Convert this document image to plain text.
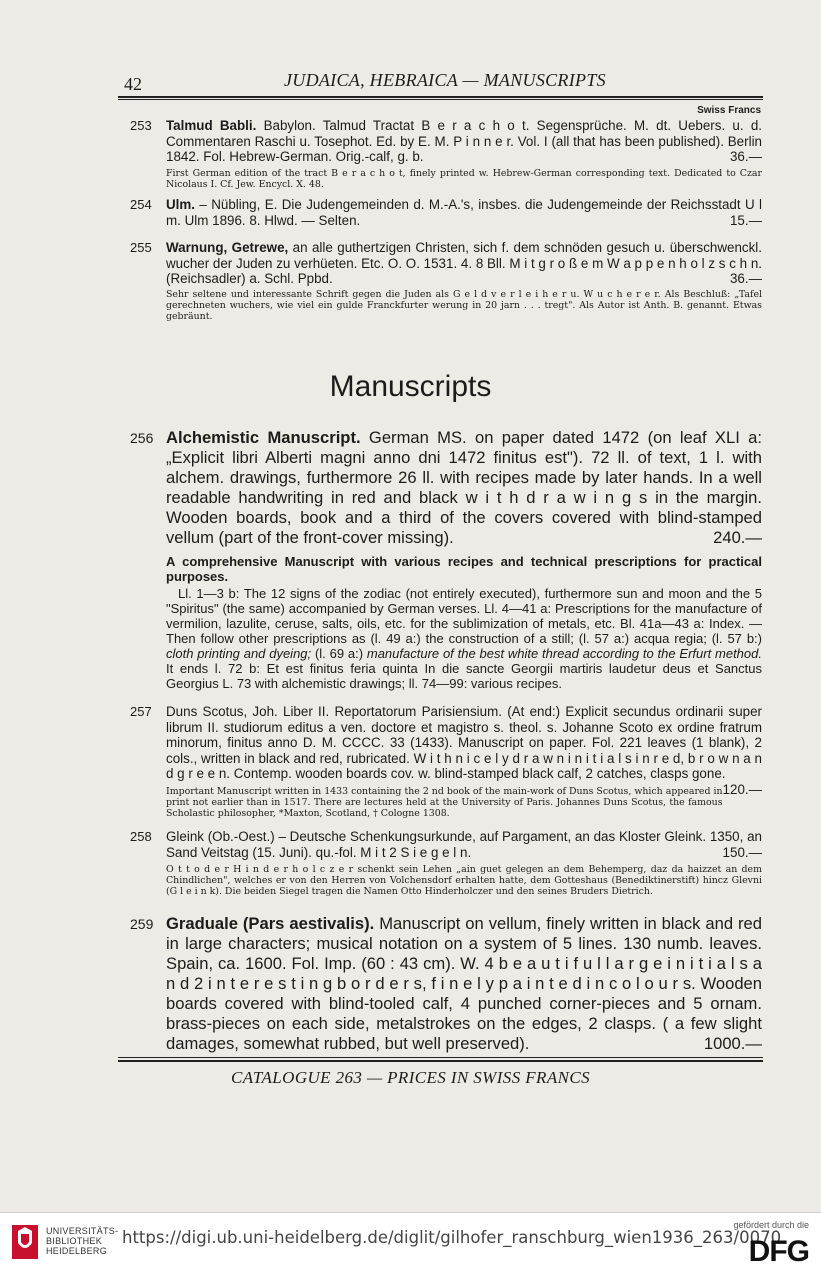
42	JUDAICA, HEBRAICA — MANUSCRIPTS
Swiss Francs
253 Talmud Babli. Babylon. Talmud Tractat B e r a c h o t. Segensprüche. M. dt. Uebers. u. d. Commentaren Raschi u. Tosephot. Ed. by E. M. P i n n e r. Vol. I (all that has been published). Berlin 1842. Fol. Hebrew-German. Orig.-calf, g. b.	36.—
First German edition of the tract B e r a c h o t, finely printed w. Hebrew-German corresponding text. Dedicated to Czar Nicolaus I. Cf. Jew. Encycl. X. 48.
254 Ulm. – Nübling, E. Die Judengemeinden d. M.-A.'s, insbes. die Judengemeinde der Reichsstadt U l m. Ulm 1896. 8. Hlwd. — Selten.	15.—
255 Warnung, Getrewe, an alle guthertzigen Christen, sich f. dem schnöden gesuch u. überschwenckl. wucher der Juden zu verhüeten. Etc. O. O. 1531. 4. 8 Bll. M i t g r o ß e m W a p p e n h o l z s c h n. (Reichsadler) a. Schl. Ppbd.	36.—
Sehr seltene und interessante Schrift gegen die Juden als G e l d v e r l e i h e r u. W u c h e r e r. Als Beschluß: „Tafel gerechneten wuchers, wie viel ein gulde Franckfurter werung in 20 jarn . . . tregt". Als Autor ist Anth. B. genannt. Etwas gebräunt.
Manuscripts
256 Alchemistic Manuscript. German MS. on paper dated 1472 (on leaf XLI a: „Explicit libri Alberti magni anno dni 1472 finitus est"). 72 ll. of text, 1 l. with alchem. drawings, furthermore 26 ll. with recipes made by later hands. In a well readable handwriting in red and black w i t h d r a w i n g s in the margin. Wooden boards, book and a third of the covers covered with blind-stamped vellum (part of the front-cover missing).	240.—
A comprehensive Manuscript with various recipes and technical prescriptions for practical purposes.
Ll. 1—3 b: The 12 signs of the zodiac (not entirely executed), furthermore sun and moon and the 5 "Spiritus" (the same) accompanied by German verses. Ll. 4—41 a: Prescriptions for the manufacture of vermilion, lazulite, ceruse, salts, oils, etc. for the sublimization of metals, etc. Bl. 41a—43 a: Index. — Then follow other prescriptions as (l. 49 a:) the construction of a still; (l. 57 a:) acqua regia; (l. 57 b:) cloth printing and dyeing; (l. 69 a:) manufacture of the best white thread according to the Erfurt method. It ends l. 72 b: Et est finitus feria quinta In die sancte Georgii martiris laudetur deus et Sanctus Georgius L. 73 with alchemistic drawings; ll. 74—99: various recipes.
257 Duns Scotus, Joh. Liber II. Reportatorum Parisiensium. (At end:) Explicit secundus ordinarii super librum II. studiorum editus a ven. doctore et magistro s. theol. s. Johanne Scoto ex ordine fratrum minorum, finitus anno D. M. CCCC. 33 (1433). Manuscript on paper. Fol. 221 leaves (1 blank), 2 cols., written in black and red, rubricated. W i t h n i c e l y d r a w n i n i t i a l s i n r e d, b r o w n a n d g r e e n. Contemp. wooden boards cov. w. blind-stamped black calf, 2 catches, clasps gone.
120.—
Important Manuscript written in 1433 containing the 2 nd book of the main-work of Duns Scotus, which appeared in print not earlier than in 1517. There are lectures held at the University of Paris. Johannes Duns Scotus, the famous Scholastic philosopher, *Maxton, Scotland, † Cologne 1308.
258 Gleink (Ob.-Oest.) – Deutsche Schenkungsurkunde, auf Pargament, an das Kloster Gleink. 1350, an Sand Veitstag (15. Juni). qu.-fol. M i t 2 S i e g e l n.	150.—
O t t o d e r H i n d e r h o l c z e r schenkt sein Lehen „ain guet gelegen an dem Behemperg, daz da haizzet an dem Chindlichen", welches er von den Herren von Volchensdorf erhalten hatte, dem Gotteshaus (Benediktinerstift) hincz Glevni (G l e i n k). Die beiden Siegel tragen die Namen Otto Hinderholczer und den seines Bruders Dietrich.
259 Graduale (Pars aestivalis). Manuscript on vellum, finely written in black and red in large characters; musical notation on a system of 5 lines. 130 numb. leaves. Spain, ca. 1600. Fol. Imp. (60 : 43 cm). W. 4 b e a u t i f u l l a r g e i n i t i a l s a n d 2 i n t e r e s t i n g b o r d e r s, f i n e l y p a i n t e d i n c o l o u r s. Wooden boards covered with blind-tooled calf, 4 punched corner-pieces and 5 ornam. brass-pieces on each side, metalstrokes on the edges, 2 clasps. ( a few slight damages, somewhat rubbed, but well preserved).	1000.—
CATALOGUE 263 — PRICES IN SWISS FRANCS
UNIVERSITÄTS-
BIBLIOTHEK
HEIDELBERG
https://digi.ub.uni-heidelberg.de/diglit/gilhofer_ranschburg_wien1936_263/0070
gefördert durch die
DFG
